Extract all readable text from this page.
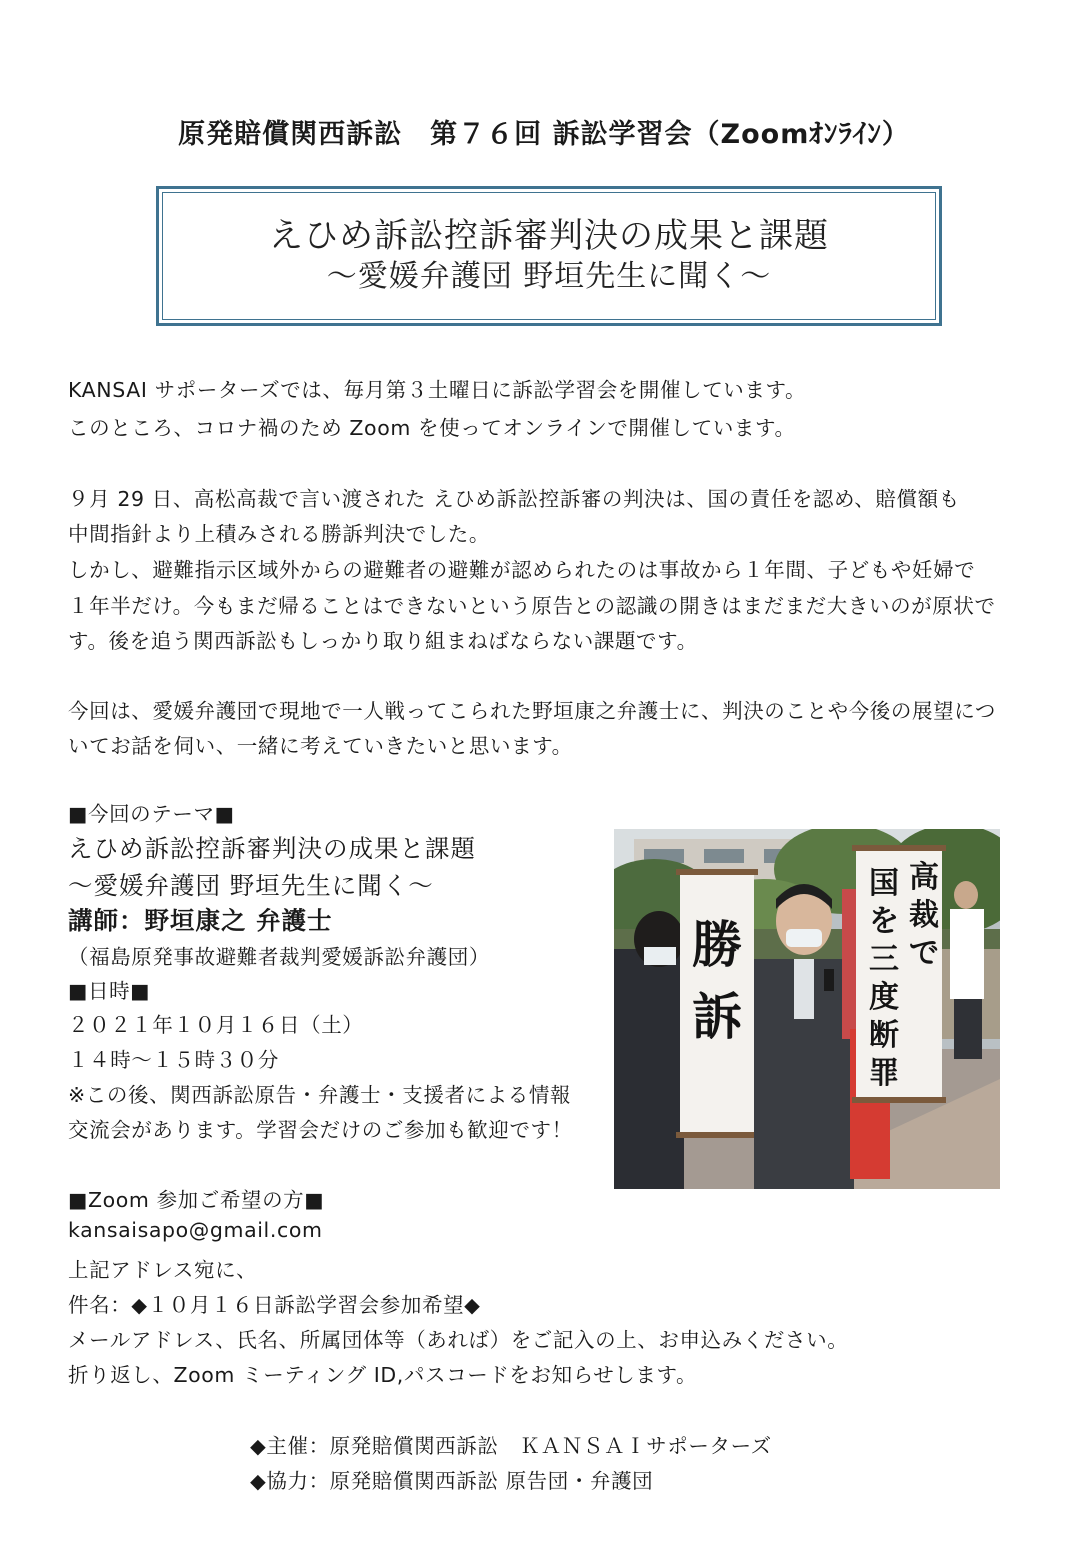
原発賠償関西訴訟　第７６回 訴訟学習会（Zoomｵﾝﾗｲﾝ）
えひめ訴訟控訴審判決の成果と課題
〜愛媛弁護団 野垣先生に聞く〜
KANSAI サポーターズでは、毎月第３土曜日に訴訟学習会を開催しています。
このところ、コロナ禍のため Zoom を使ってオンラインで開催しています。
９月 29 日、高松高裁で言い渡された えひめ訴訟控訴審の判決は、国の責任を認め、賠償額も
中間指針より上積みされる勝訴判決でした。
しかし、避難指示区域外からの避難者の避難が認められたのは事故から１年間、子どもや妊婦で
１年半だけ。今もまだ帰ることはできないという原告との認識の開きはまだまだ大きいのが原状で
す。後を追う関西訴訟もしっかり取り組まねばならない課題です。
今回は、愛媛弁護団で現地で一人戦ってこられた野垣康之弁護士に、判決のことや今後の展望につ
いてお話を伺い、一緒に考えていきたいと思います。
■今回のテーマ■
えひめ訴訟控訴審判決の成果と課題
〜愛媛弁護団 野垣先生に聞く〜
講師：野垣康之 弁護士
（福島原発事故避難者裁判愛媛訴訟弁護団）
■日時■
２０２１年１０月１６日（土）
１４時〜１５時３０分
※この後、関西訴訟原告・弁護士・支援者による情報
交流会があります。学習会だけのご参加も歓迎です！
勝訴
高裁で
国を三度断罪
■Zoom 参加ご希望の方■
kansaisapo@gmail.com
上記アドレス宛に、
件名：◆１０月１６日訴訟学習会参加希望◆
メールアドレス、氏名、所属団体等（あれば）をご記入の上、お申込みください。
折り返し、Zoom ミーティング ID,パスコードをお知らせします。
◆主催：原発賠償関西訴訟　ＫＡＮＳＡＩサポーターズ
◆協力：原発賠償関西訴訟 原告団・弁護団
